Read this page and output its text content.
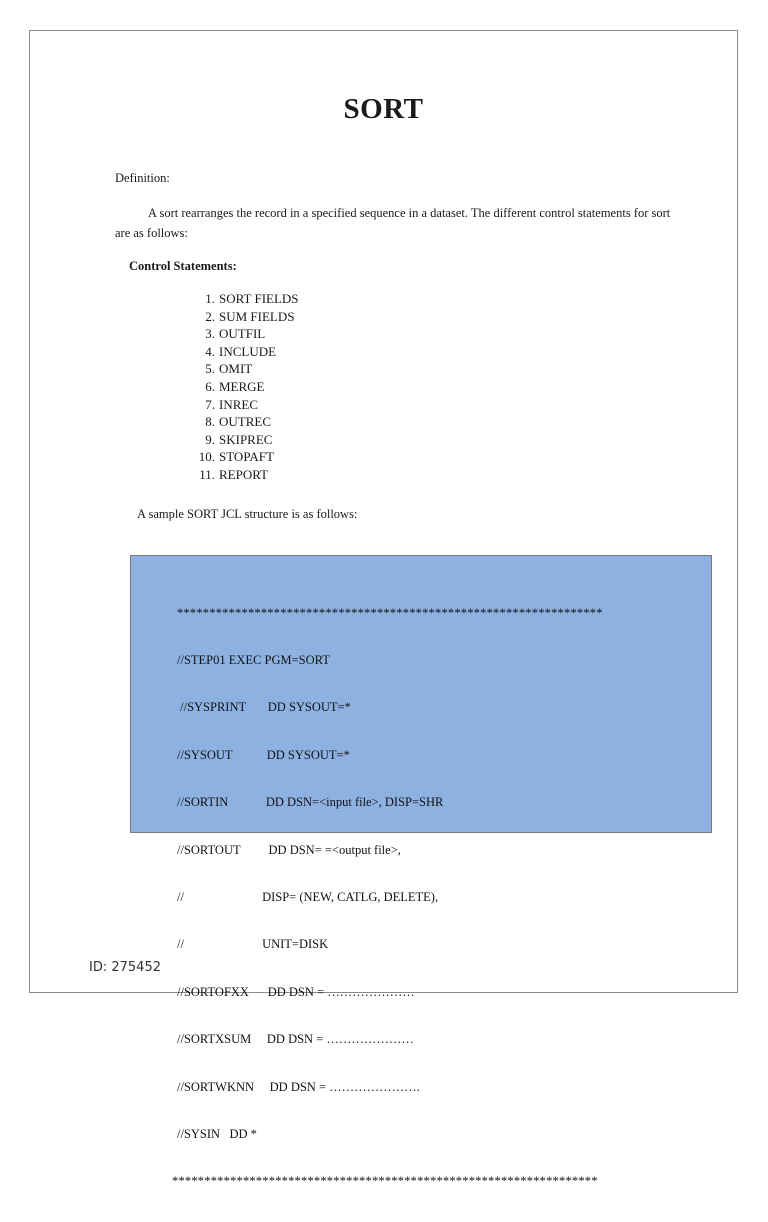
SORT
Definition:
A sort rearranges the record in a specified sequence in a dataset. The different control statements for sort are as follows:
Control Statements:
1. SORT FIELDS
2. SUM FIELDS
3. OUTFIL
4. INCLUDE
5. OMIT
6. MERGE
7. INREC
8. OUTREC
9. SKIPREC
10. STOPAFT
11. REPORT
A sample SORT JCL structure is as follows:

******************************************************************

//STEP01 EXEC PGM=SORT

//SYSPRINT       DD SYSOUT=*

//SYSOUT           DD SYSOUT=*

//SORTIN            DD DSN=<input file>, DISP=SHR

//SORTOUT         DD DSN= =<output file>,

//                         DISP= (NEW, CATLG, DELETE),

//                         UNIT=DISK

//SORTOFXX      DD DSN = …………………

//SORTXSUM     DD DSN = …………………

//SORTWKNN     DD DSN = ………………….

//SYSIN   DD *

******************************************************************

ID: 275452
